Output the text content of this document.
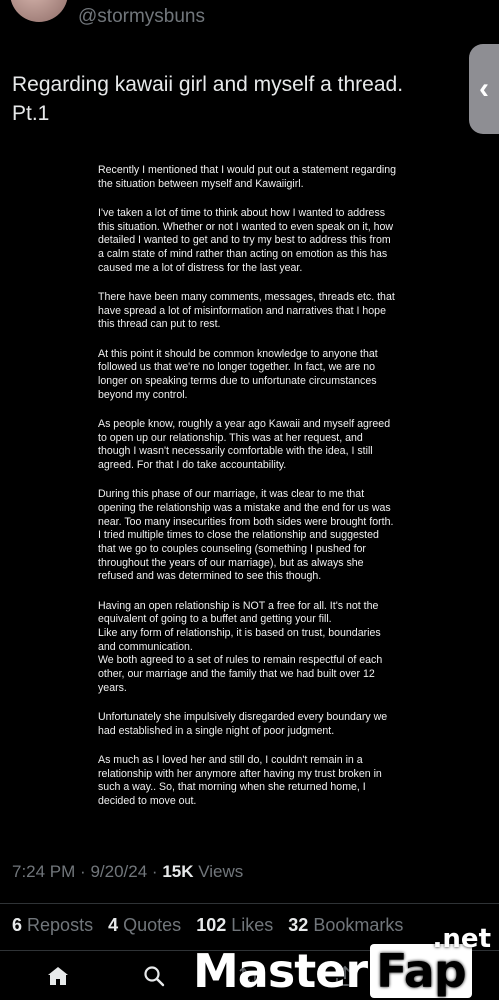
@stormysbuns
‹
Regarding kawaii girl and myself a thread.
Pt.1

Recently I mentioned that I would put out a statement regarding
the situation between myself and Kawaiigirl.

I've taken a lot of time to think about how I wanted to address
this situation. Whether or not I wanted to even speak on it, how
detailed I wanted to get and to try my best to address this from
a calm state of mind rather than acting on emotion as this has
caused me a lot of distress for the last year.

There have been many comments, messages, threads etc. that
have spread a lot of misinformation and narratives that I hope
this thread can put to rest.

At this point it should be common knowledge to anyone that
followed us that we're no longer together. In fact, we are no
longer on speaking terms due to unfortunate circumstances
beyond my control.

As people know, roughly a year ago Kawaii and myself agreed
to open up our relationship. This was at her request, and
though I wasn't necessarily comfortable with the idea, I still
agreed. For that I do take accountability.

During this phase of our marriage, it was clear to me that
opening the relationship was a mistake and the end for us was
near. Too many insecurities from both sides were brought forth.
I tried multiple times to close the relationship and suggested
that we go to couples counseling (something I pushed for
throughout the years of our marriage), but as always she
refused and was determined to see this though.

Having an open relationship is NOT a free for all. It's not the
equivalent of going to a buffet and getting your fill.
Like any form of relationship, it is based on trust, boundaries
and communication.
We both agreed to a set of rules to remain respectful of each
other, our marriage and the family that we had built over 12
years.

Unfortunately she impulsively disregarded every boundary we
had established in a single night of poor judgment.

As much as I loved her and still do, I couldn't remain in a
relationship with her anymore after having my trust broken in
such a way.. So, that morning when she returned home, I
decided to move out.

7:24 PM · 9/20/24 · 15K Views
6 Reposts 4 Quotes 102 Likes 32 Bookmarks
Master Fap
.net
